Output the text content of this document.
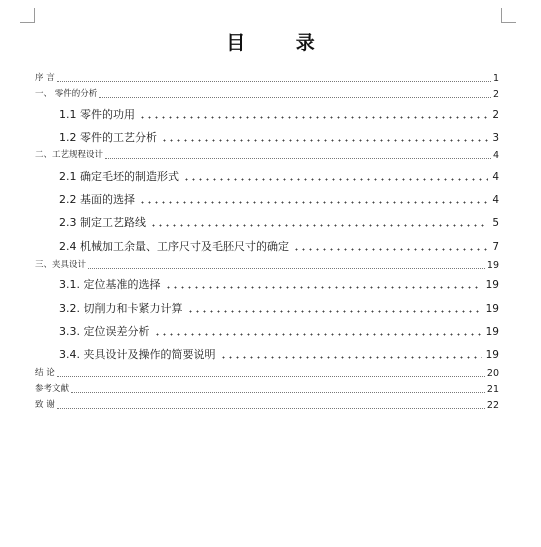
目 录
序 言	1
一、 零件的分析	2
1.1 零件的功用	2
1.2 零件的工艺分析	3
二、工艺规程设计	4
2.1 确定毛坯的制造形式	4
2.2 基面的选择	4
2.3 制定工艺路线	5
2.4 机械加工余量、工序尺寸及毛胚尺寸的确定	7
三、夹具设计	19
3.1. 定位基准的选择	19
3.2. 切削力和卡紧力计算	19
3.3. 定位误差分析	19
3.4. 夹具设计及操作的简要说明	19
结 论	20
参考文献	21
致 谢	22
